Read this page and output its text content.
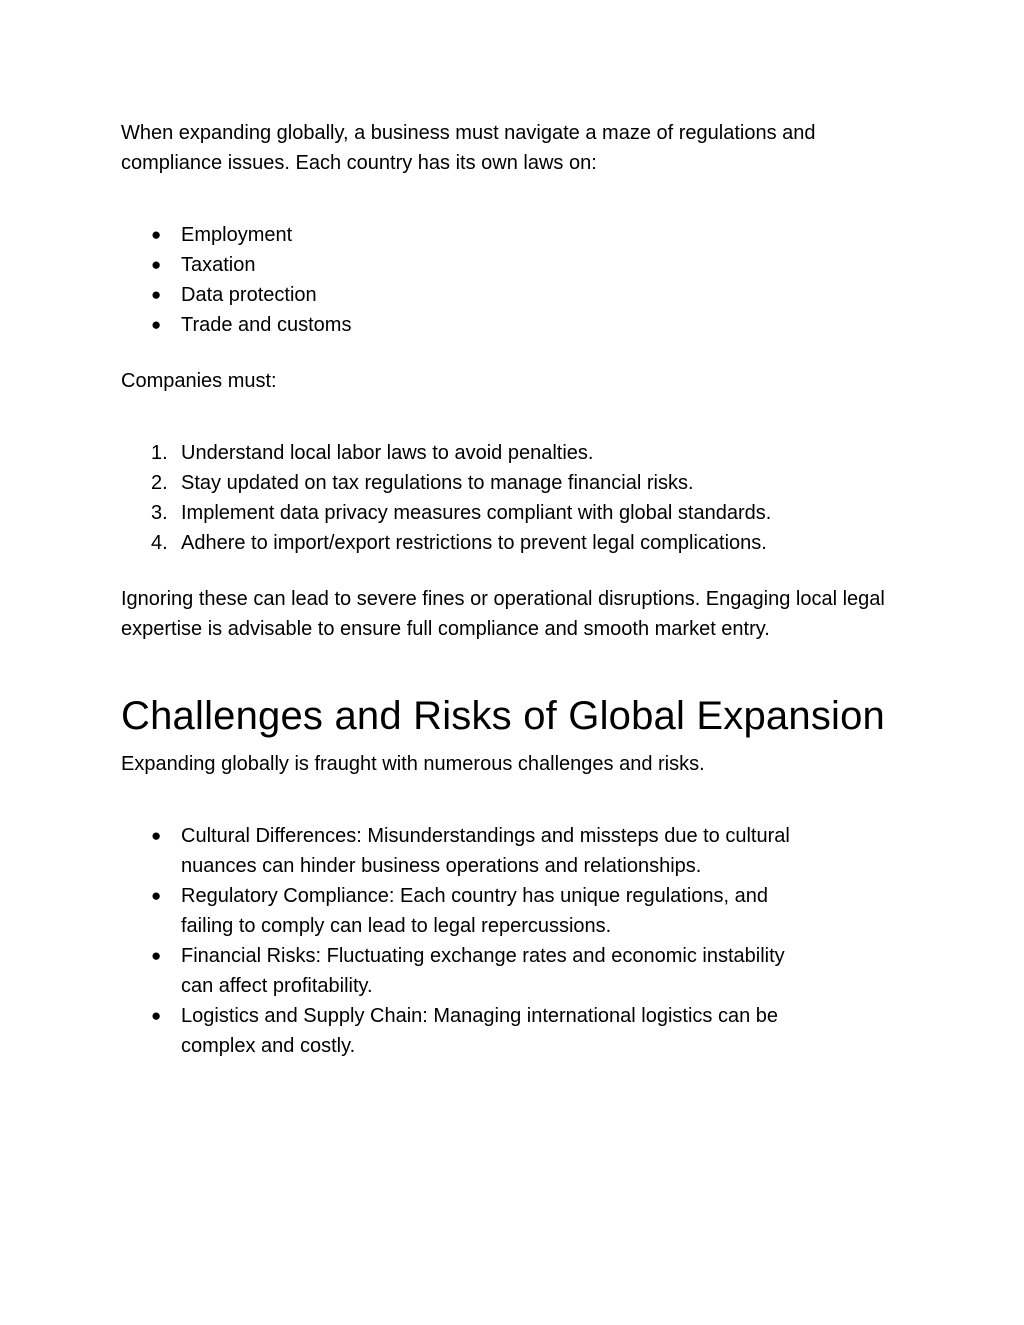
When expanding globally, a business must navigate a maze of regulations and compliance issues. Each country has its own laws on:

● Employment
● Taxation
● Data protection
● Trade and customs

Companies must:

1. Understand local labor laws to avoid penalties.
2. Stay updated on tax regulations to manage financial risks.
3. Implement data privacy measures compliant with global standards.
4. Adhere to import/export restrictions to prevent legal complications.

Ignoring these can lead to severe fines or operational disruptions. Engaging local legal expertise is advisable to ensure full compliance and smooth market entry.

Challenges and Risks of Global Expansion

Expanding globally is fraught with numerous challenges and risks.

● Cultural Differences: Misunderstandings and missteps due to cultural nuances can hinder business operations and relationships.
● Regulatory Compliance: Each country has unique regulations, and failing to comply can lead to legal repercussions.
● Financial Risks: Fluctuating exchange rates and economic instability can affect profitability.
● Logistics and Supply Chain: Managing international logistics can be complex and costly.
